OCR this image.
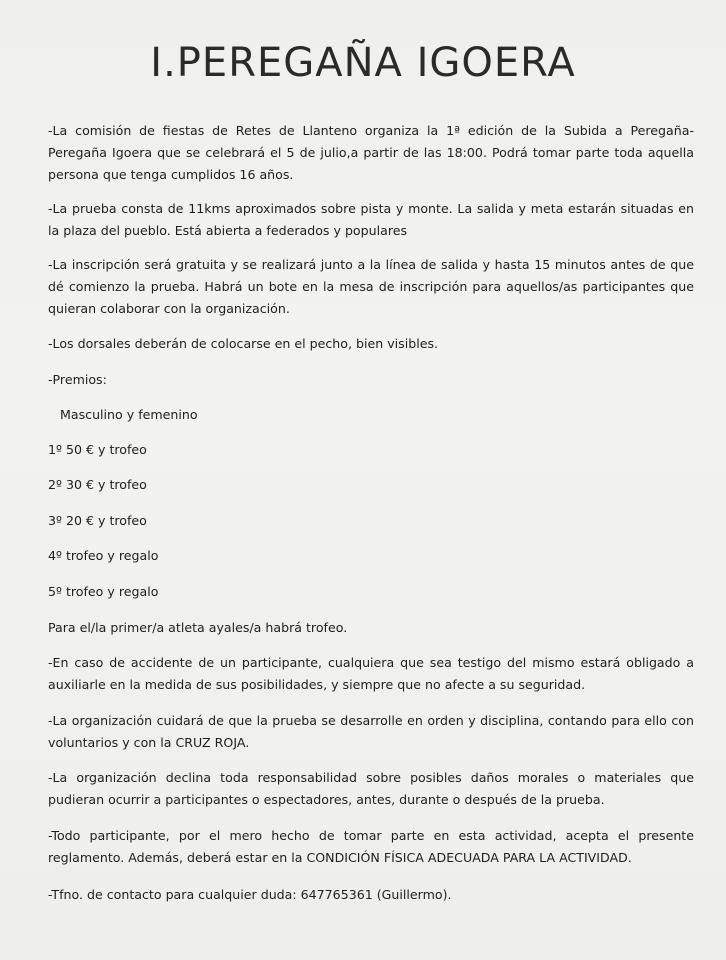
I.PEREGAÑA IGOERA

-La comisión de fiestas de Retes de Llanteno organiza la 1ª edición de la Subida a Peregaña- Peregaña Igoera que se celebrará el 5 de julio,a partir de las 18:00. Podrá tomar parte toda aquella persona que tenga cumplidos 16 años.

-La prueba consta de 11kms aproximados sobre pista y monte. La salida y meta estarán situadas en la plaza del pueblo. Está abierta a federados y populares

-La inscripción será gratuita y se realizará junto a la línea de salida y hasta 15 minutos antes de que dé comienzo la prueba. Habrá un bote en la mesa de inscripción para aquellos/as participantes que quieran colaborar con la organización.

-Los dorsales deberán de colocarse en el pecho, bien visibles.

-Premios:

Masculino y femenino

1º 50 € y trofeo

2º 30 € y trofeo

3º 20 € y trofeo

4º trofeo y regalo

5º trofeo y regalo

Para el/la primer/a atleta ayales/a habrá trofeo.

-En caso de accidente de un participante, cualquiera que sea testigo del mismo estará obligado a auxiliarle en la medida de sus posibilidades, y siempre que no afecte a su seguridad.

-La organización cuidará de que la prueba se desarrolle en orden y disciplina, contando para ello con voluntarios y con la CRUZ ROJA.

-La organización declina toda responsabilidad sobre posibles daños morales o materiales que pudieran ocurrir a participantes o espectadores, antes, durante o después de la prueba.

-Todo participante, por el mero hecho de tomar parte en esta actividad, acepta el presente reglamento. Además, deberá estar en la CONDICIÓN FÍSICA ADECUADA PARA LA ACTIVIDAD.

-Tfno. de contacto para cualquier duda: 647765361 (Guillermo).
